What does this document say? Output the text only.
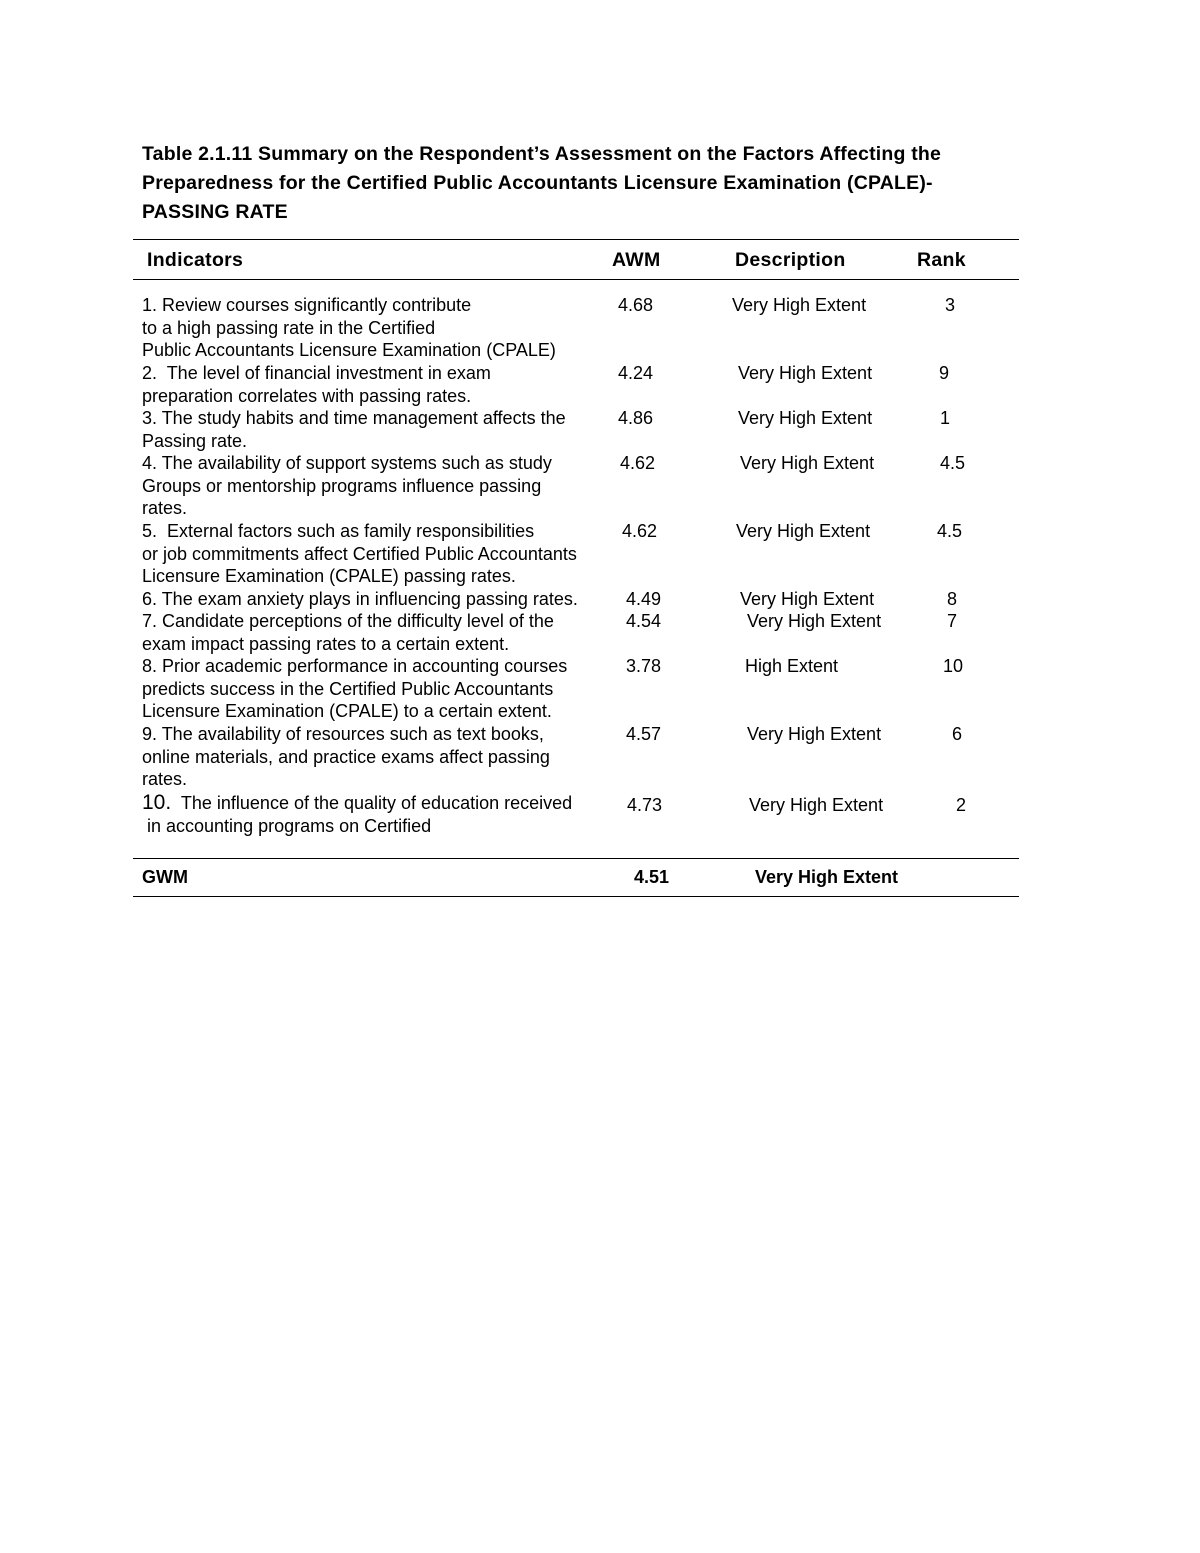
Table 2.1.11 Summary on the Respondent’s Assessment on the Factors Affecting the
Preparedness for the Certified Public Accountants Licensure Examination (CPALE)-
PASSING RATE
Indicators	AWM	Description	Rank
1. Review courses significantly contribute
to a high passing rate in the Certified
Public Accountants Licensure Examination (CPALE)
4.68	Very High Extent	3
2.  The level of financial investment in exam
preparation correlates with passing rates.
4.24	Very High Extent	9
3. The study habits and time management affects the
Passing rate.
4.86	Very High Extent	1
4. The availability of support systems such as study
Groups or mentorship programs influence passing
rates.
4.62	Very High Extent	4.5
5.  External factors such as family responsibilities
or job commitments affect Certified Public Accountants
Licensure Examination (CPALE) passing rates.
4.62	Very High Extent	4.5
6. The exam anxiety plays in influencing passing rates.	4.49	Very High Extent	8
7. Candidate perceptions of the difficulty level of the
exam impact passing rates to a certain extent.
4.54	Very High Extent	7
8. Prior academic performance in accounting courses
predicts success in the Certified Public Accountants
Licensure Examination (CPALE) to a certain extent.
3.78	High Extent	10
9. The availability of resources such as text books,
online materials, and practice exams affect passing
rates.
4.57	Very High Extent	6
10.  The influence of the quality of education received
in accounting programs on Certified
4.73	Very High Extent	2
GWM	4.51	Very High Extent
